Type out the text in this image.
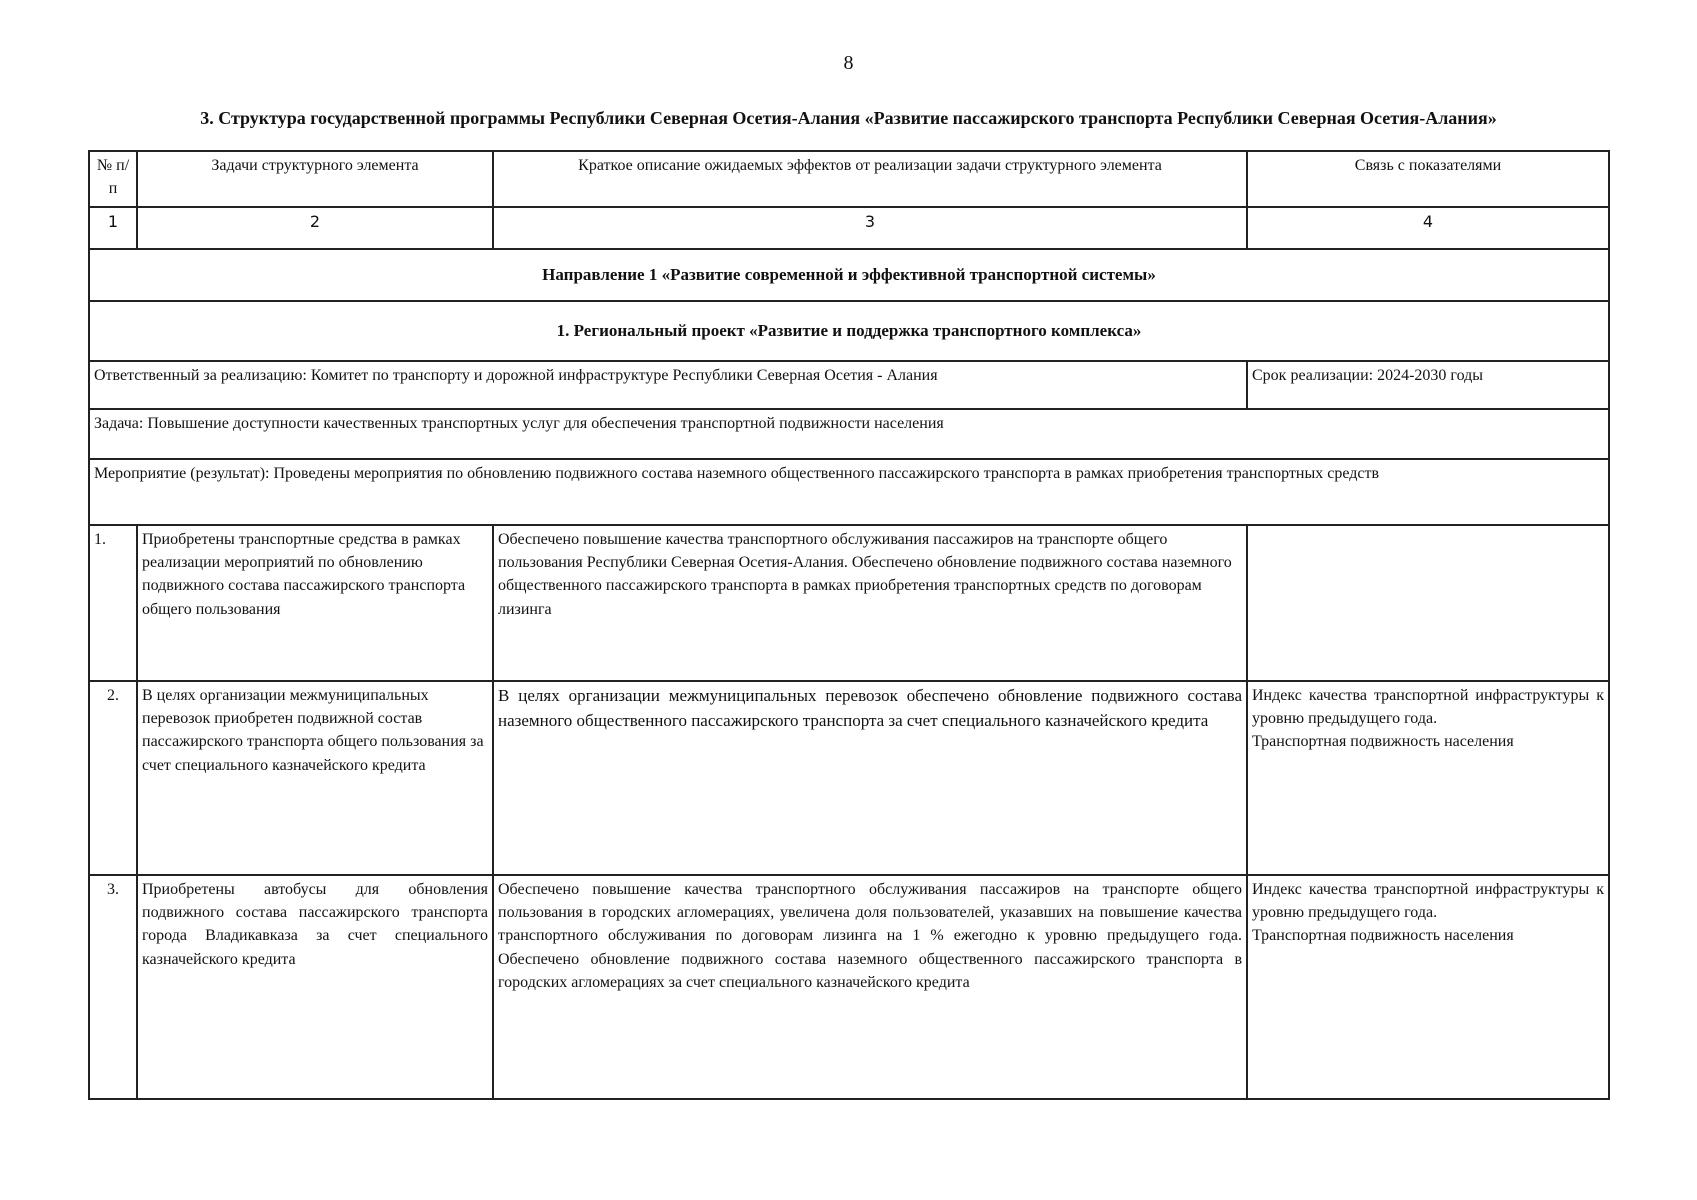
8
3. Структура государственной программы Республики Северная Осетия-Алания «Развитие пассажирского транспорта Республики Северная Осетия-Алания»
№ п/п	Задачи структурного элемента	Краткое описание ожидаемых эффектов от реализации задачи структурного элемента	Связь с показателями
1	2	3	4
Направление 1 «Развитие современной и эффективной транспортной системы»			
1. Региональный проект «Развитие и поддержка транспортного комплекса»			
Ответственный за реализацию: Комитет по транспорту и дорожной инфраструктуре Республики Северная Осетия - Алания			Срок реализации: 2024-2030 годы
Задача: Повышение доступности качественных транспортных услуг для обеспечения транспортной подвижности населения			
Мероприятие (результат): Проведены мероприятия по обновлению подвижного состава наземного общественного пассажирского транспорта в рамках приобретения транспортных средств			
1.	Приобретены транспортные средства в рамках реализации мероприятий по обновлению подвижного состава пассажирского транспорта общего пользования	Обеспечено повышение качества транспортного обслуживания пассажиров на транспорте общего пользования Республики Северная Осетия-Алания. Обеспечено обновление подвижного состава наземного общественного пассажирского транспорта в рамках приобретения транспортных средств по договорам лизинга	

2.	В целях организации межмуниципальных перевозок приобретен подвижной состав пассажирского транспорта общего пользования за счет специального казначейского кредита	В целях организации межмуниципальных перевозок обеспечено обновление подвижного состава наземного общественного пассажирского транспорта за счет специального казначейского кредита	Индекс качества транспортной инфраструктуры к уровню предыдущего года.
Транспортная подвижность населения

3.	Приобретены автобусы для обновления подвижного состава пассажирского транспорта города Владикавказа за счет специального казначейского кредита	Обеспечено повышение качества транспортного обслуживания пассажиров на транспорте общего пользования в городских агломерациях, увеличена доля пользователей, указавших на повышение качества транспортного обслуживания по договорам лизинга на 1 % ежегодно к уровню предыдущего года. Обеспечено обновление подвижного состава наземного общественного пассажирского транспорта в городских агломерациях за счет специального казначейского кредита	Индекс качества транспортной инфраструктуры к уровню предыдущего года.
Транспортная подвижность населения
